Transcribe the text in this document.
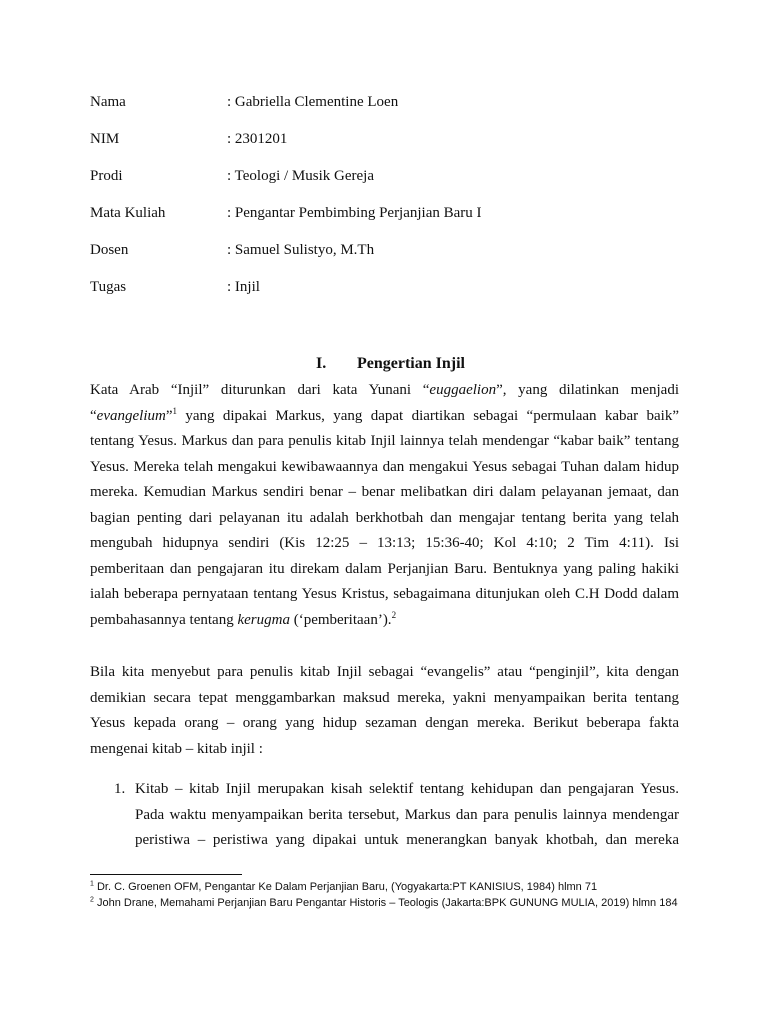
Nama	: Gabriella Clementine Loen
NIM	: 2301201
Prodi	: Teologi / Musik Gereja
Mata Kuliah	: Pengantar Pembimbing Perjanjian Baru I
Dosen	: Samuel Sulistyo, M.Th
Tugas	: Injil
I. Pengertian Injil
Kata Arab “Injil” diturunkan dari kata Yunani “euggaelion”, yang dilatinkan menjadi
“evangelium”$^1$ yang dipakai Markus, yang dapat diartikan sebagai “permulaan kabar baik”
tentang Yesus. Markus dan para penulis kitab Injil lainnya telah mendengar “kabar baik” tentang
Yesus. Mereka telah mengakui kewibawaannya dan mengakui Yesus sebagai Tuhan dalam hidup
mereka. Kemudian Markus sendiri benar – benar melibatkan diri dalam pelayanan jemaat, dan
bagian penting dari pelayanan itu adalah berkhotbah dan mengajar tentang berita yang telah
mengubah hidupnya sendiri (Kis 12:25 – 13:13; 15:36-40; Kol 4:10; 2 Tim 4:11). Isi
pemberitaan dan pengajaran itu direkam dalam Perjanjian Baru. Bentuknya yang paling hakiki
ialah beberapa pernyataan tentang Yesus Kristus, sebagaimana ditunjukan oleh C.H Dodd dalam
pembahasannya tentang kerugma (‘pemberitaan’).$^2$
Bila kita menyebut para penulis kitab Injil sebagai “evangelis” atau “penginjil”, kita dengan
demikian secara tepat menggambarkan maksud mereka, yakni menyampaikan berita tentang
Yesus kepada orang – orang yang hidup sezaman dengan mereka. Berikut beberapa fakta
mengenai kitab – kitab injil :
1. Kitab – kitab Injil merupakan kisah selektif tentang kehidupan dan pengajaran Yesus.
Pada waktu menyampaikan berita tersebut, Markus dan para penulis lainnya mendengar
peristiwa – peristiwa yang dipakai untuk menerangkan banyak khotbah, dan mereka
$^1$ Dr. C. Groenen OFM, Pengantar Ke Dalam Perjanjian Baru, (Yogyakarta:PT KANISIUS, 1984) hlmn 71
$^2$ John Drane, Memahami Perjanjian Baru Pengantar Historis – Teologis (Jakarta:BPK GUNUNG MULIA, 2019) hlmn 184
